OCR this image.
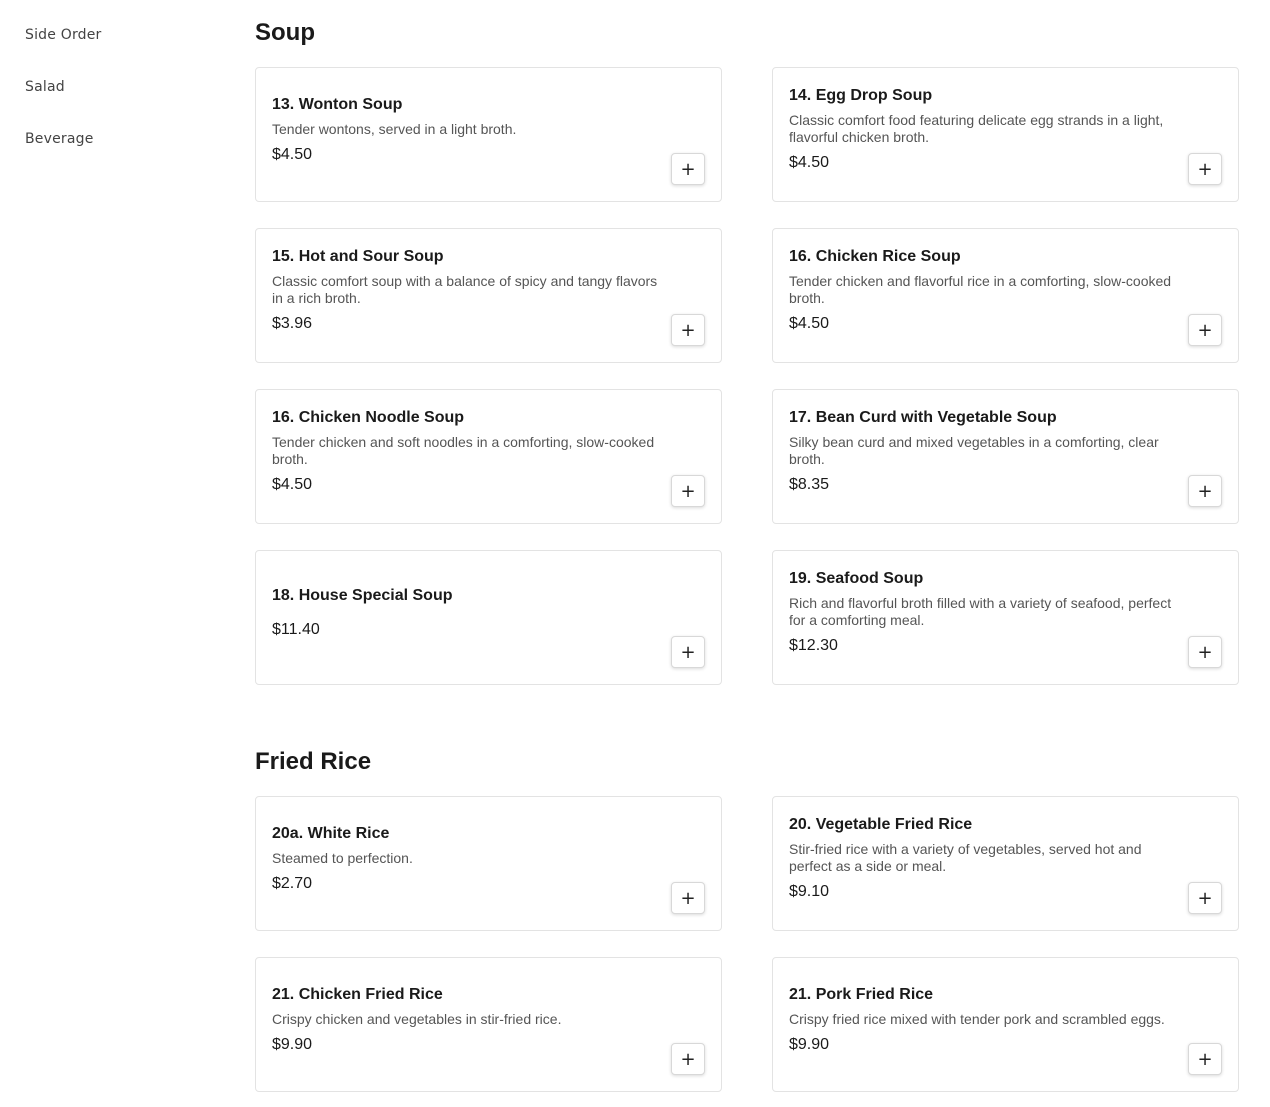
Side Order
Salad
Beverage
Soup
13. Wonton Soup
Tender wontons, served in a light broth.
$4.50
+
14. Egg Drop Soup
Classic comfort food featuring delicate egg strands in a light, flavorful chicken broth.
$4.50	+
15. Hot and Sour Soup
Classic comfort soup with a balance of spicy and tangy flavors in a rich broth.
$3.96	+
16. Chicken Rice Soup
Tender chicken and flavorful rice in a comforting, slow-cooked broth.
$4.50	+
16. Chicken Noodle Soup
Tender chicken and soft noodles in a comforting, slow-cooked broth.
$4.50	+
17. Bean Curd with Vegetable Soup
Silky bean curd and mixed vegetables in a comforting, clear broth.
$8.35	+
18. House Special Soup
$11.40
+
19. Seafood Soup
Rich and flavorful broth filled with a variety of seafood, perfect for a comforting meal.
$12.30	+
Fried Rice
20a. White Rice
Steamed to perfection.
$2.70
+
20. Vegetable Fried Rice
Stir-fried rice with a variety of vegetables, served hot and perfect as a side or meal.
$9.10	+
21. Chicken Fried Rice
Crispy chicken and vegetables in stir-fried rice.
$9.90
+
21. Pork Fried Rice
Crispy fried rice mixed with tender pork and scrambled eggs.
$9.90
+
